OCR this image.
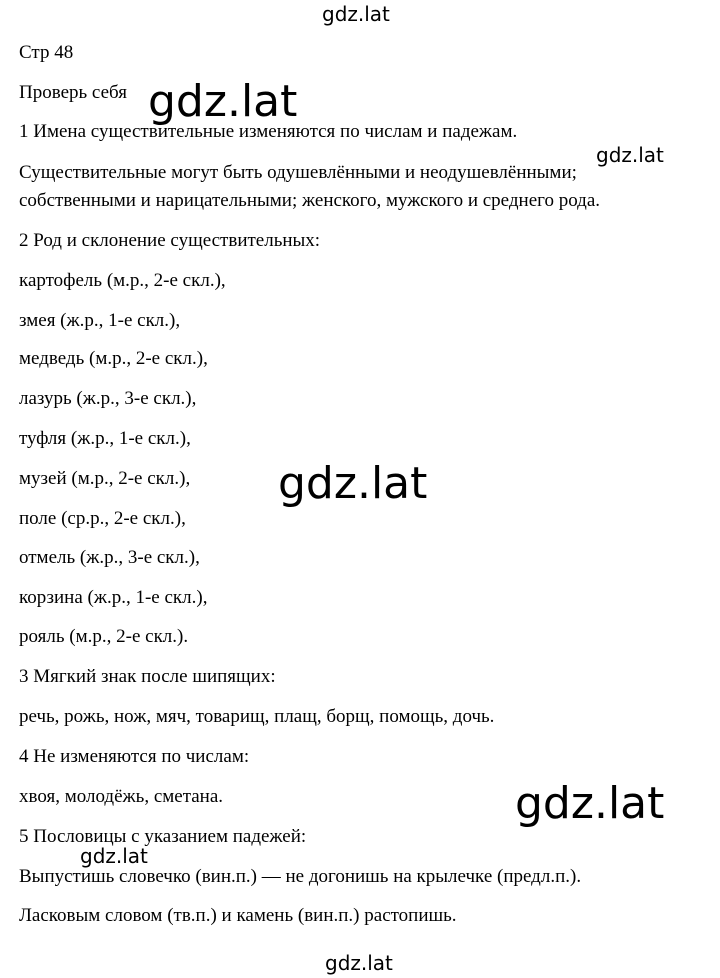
gdz.lat
gdz.lat
gdz.lat
gdz.lat
gdz.lat
gdz.lat
gdz.lat
Стр 48
Проверь себя
1 Имена существительные изменяются по числам и падежам.
Существительные могут быть одушевлёнными и неодушевлёнными;
собственными и нарицательными; женского, мужского и среднего рода.
2 Род и склонение существительных:
картофель (м.р., 2-е скл.),
змея (ж.р., 1-е скл.),
медведь (м.р., 2-е скл.),
лазурь (ж.р., 3-е скл.),
туфля (ж.р., 1-е скл.),
музей (м.р., 2-е скл.),
поле (ср.р., 2-е скл.),
отмель (ж.р., 3-е скл.),
корзина (ж.р., 1-е скл.),
рояль (м.р., 2-е скл.).
3 Мягкий знак после шипящих:
речь, рожь, нож, мяч, товарищ, плащ, борщ, помощь, дочь.
4 Не изменяются по числам:
хвоя, молодёжь, сметана.
5 Пословицы с указанием падежей:
Выпустишь словечко (вин.п.) — не догонишь на крылечке (предл.п.).
Ласковым словом (тв.п.) и камень (вин.п.) растопишь.
